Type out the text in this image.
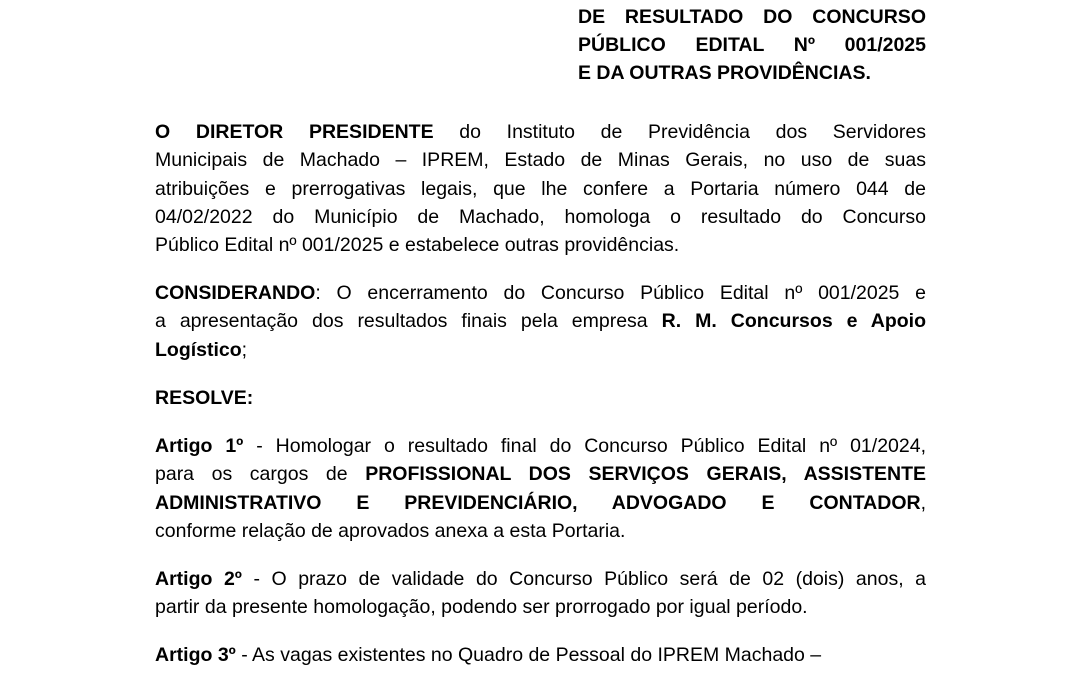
DE RESULTADO DO CONCURSO
PÚBLICO EDITAL Nº 001/2025
E DA OUTRAS PROVIDÊNCIAS.
O DIRETOR PRESIDENTE do Instituto de Previdência dos Servidores
Municipais de Machado – IPREM, Estado de Minas Gerais, no uso de suas
atribuições e prerrogativas legais, que lhe confere a Portaria número 044 de
04/02/2022 do Município de Machado, homologa o resultado do Concurso
Público Edital nº 001/2025 e estabelece outras providências.
CONSIDERANDO: O encerramento do Concurso Público Edital nº 001/2025 e
a apresentação dos resultados finais pela empresa R. M. Concursos e Apoio
Logístico;
RESOLVE:
Artigo 1º - Homologar o resultado final do Concurso Público Edital nº 01/2024,
para os cargos de PROFISSIONAL DOS SERVIÇOS GERAIS, ASSISTENTE
ADMINISTRATIVO E PREVIDENCIÁRIO, ADVOGADO E CONTADOR,
conforme relação de aprovados anexa a esta Portaria.
Artigo 2º - O prazo de validade do Concurso Público será de 02 (dois) anos, a
partir da presente homologação, podendo ser prorrogado por igual período.
Artigo 3º - As vagas existentes no Quadro de Pessoal do IPREM Machado –
